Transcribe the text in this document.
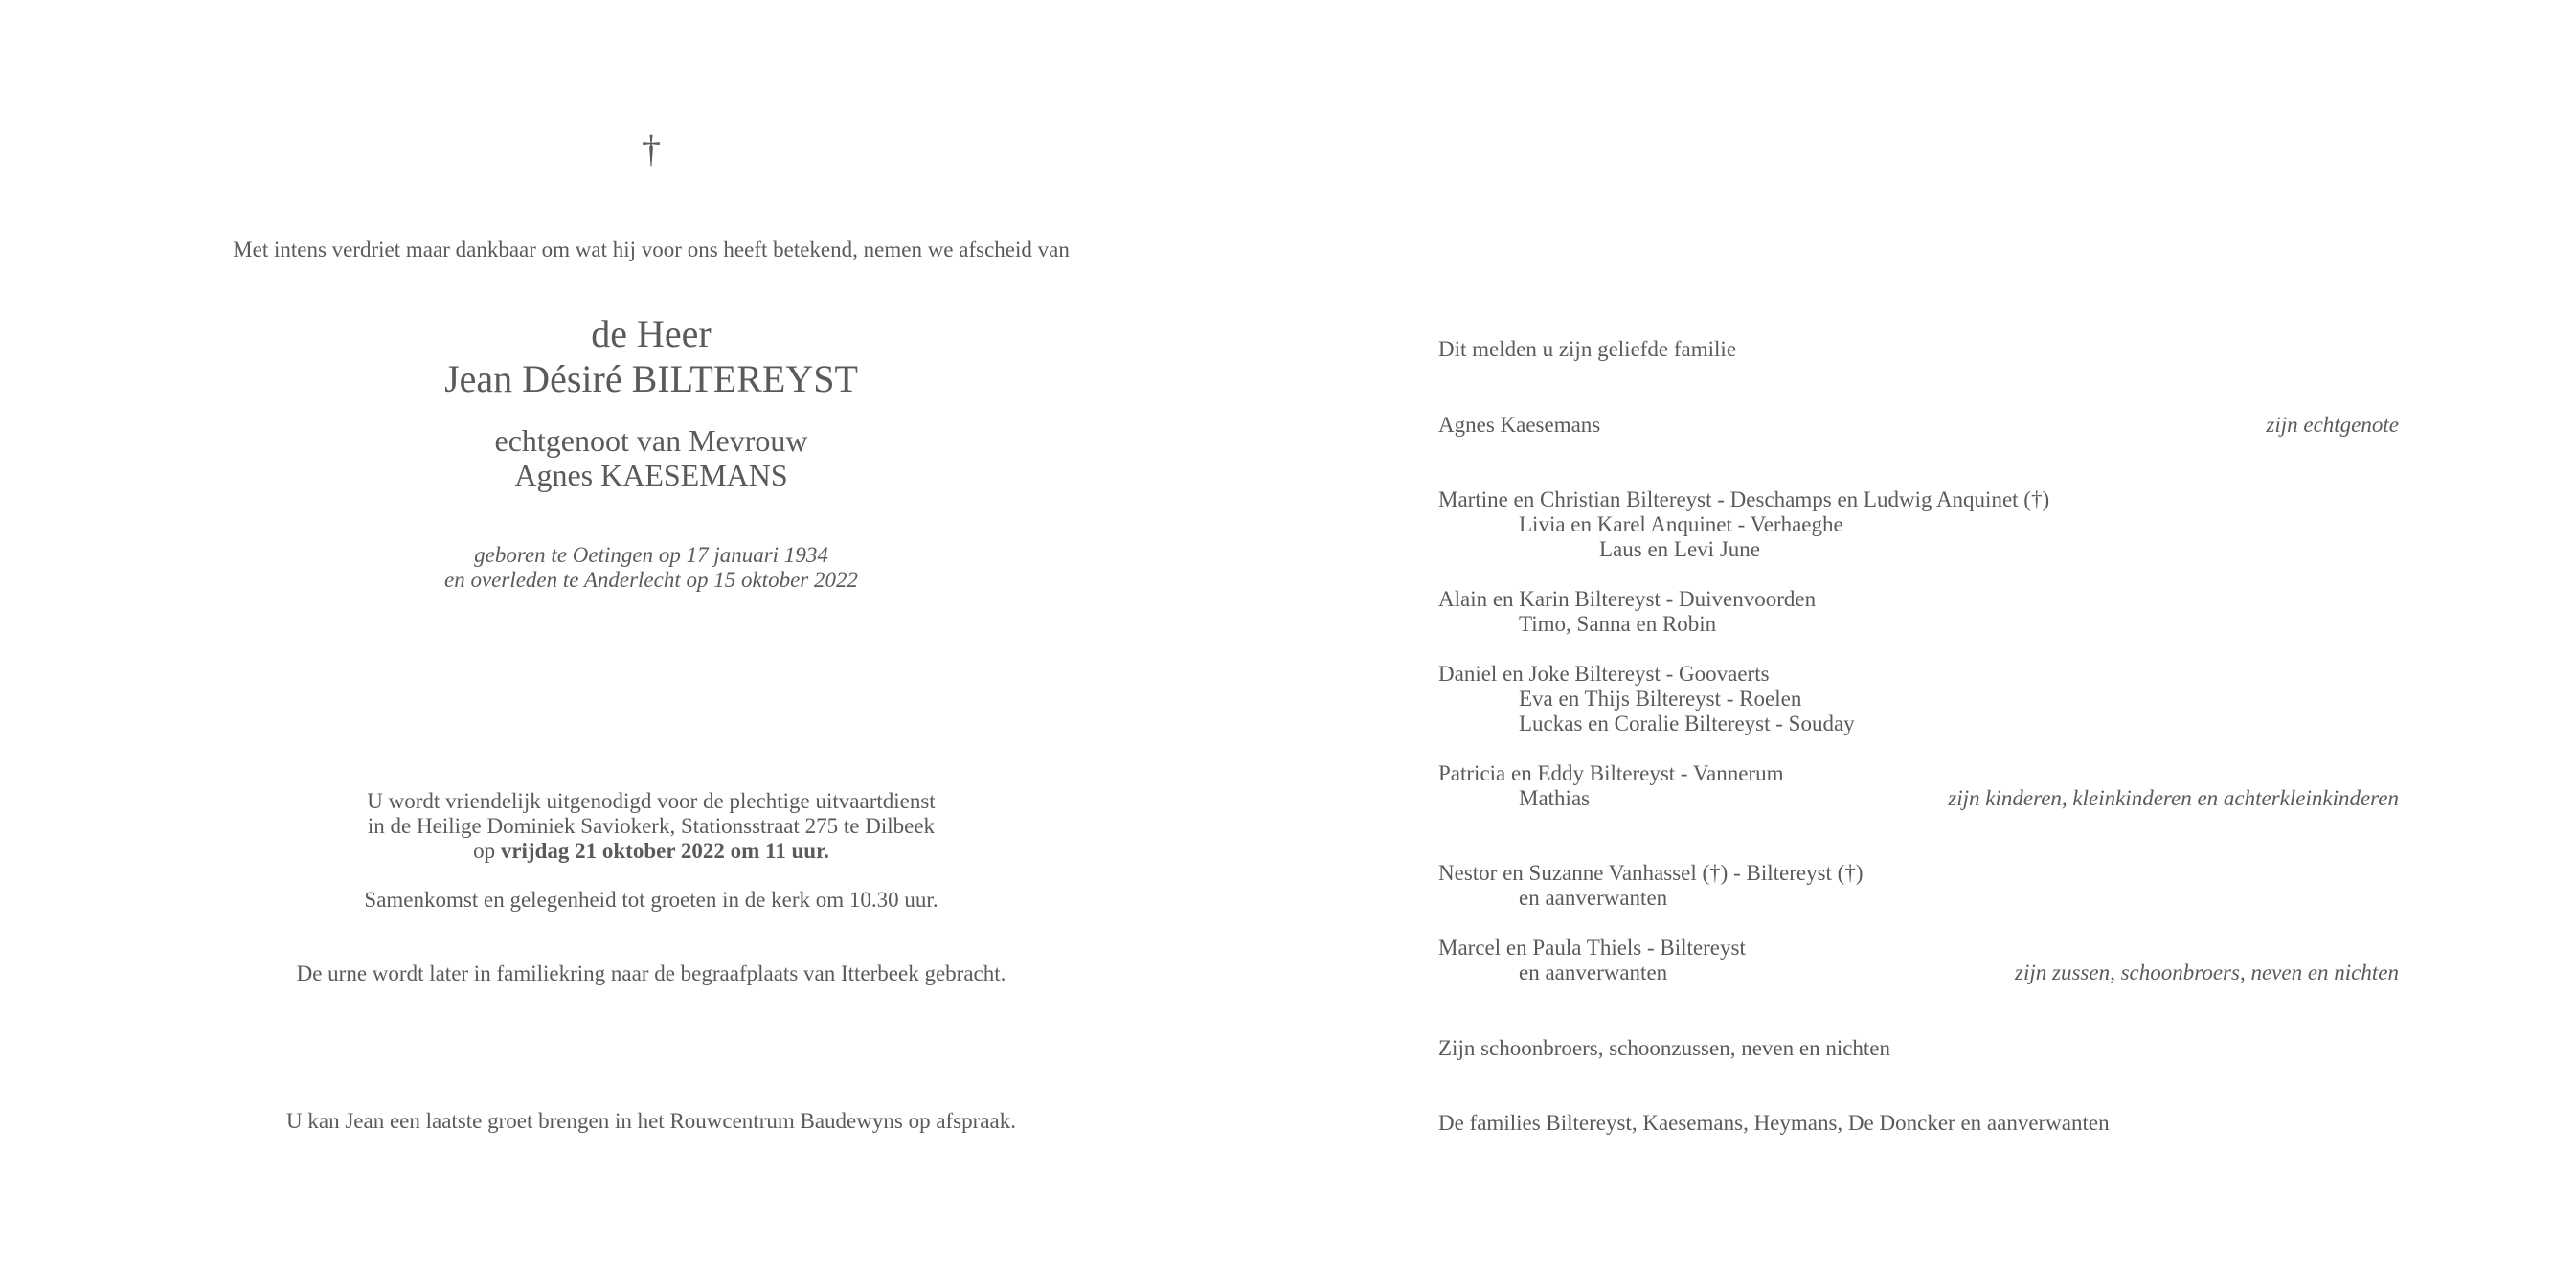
†
Met intens verdriet maar dankbaar om wat hij voor ons heeft betekend, nemen we afscheid van
de Heer
Jean Désiré BILTEREYST
echtgenoot van Mevrouw
Agnes KAESEMANS
geboren te Oetingen op 17 januari 1934
en overleden te Anderlecht op 15 oktober 2022
U wordt vriendelijk uitgenodigd voor de plechtige uitvaartdienst
in de Heilige Dominiek Saviokerk, Stationsstraat 275 te Dilbeek
op vrijdag 21 oktober 2022 om 11 uur.
Samenkomst en gelegenheid tot groeten in de kerk om 10.30 uur.
De urne wordt later in familiekring naar de begraafplaats van Itterbeek gebracht.
U kan Jean een laatste groet brengen in het Rouwcentrum Baudewyns op afspraak.
Dit melden u zijn geliefde familie
Agnes Kaesemans	zijn echtgenote
Martine en Christian Biltereyst - Deschamps en Ludwig Anquinet (†)
Livia en Karel Anquinet - Verhaeghe
Laus en Levi June
Alain en Karin Biltereyst - Duivenvoorden
Timo, Sanna en Robin
Daniel en Joke Biltereyst - Goovaerts
Eva en Thijs Biltereyst - Roelen
Luckas en Coralie Biltereyst - Souday
Patricia en Eddy Biltereyst - Vannerum
Mathias	zijn kinderen, kleinkinderen en achterkleinkinderen
Nestor en Suzanne Vanhassel (†) - Biltereyst (†)
en aanverwanten
Marcel en Paula Thiels - Biltereyst
en aanverwanten	zijn zussen, schoonbroers, neven en nichten
Zijn schoonbroers, schoonzussen, neven en nichten
De families Biltereyst, Kaesemans, Heymans, De Doncker en aanverwanten
